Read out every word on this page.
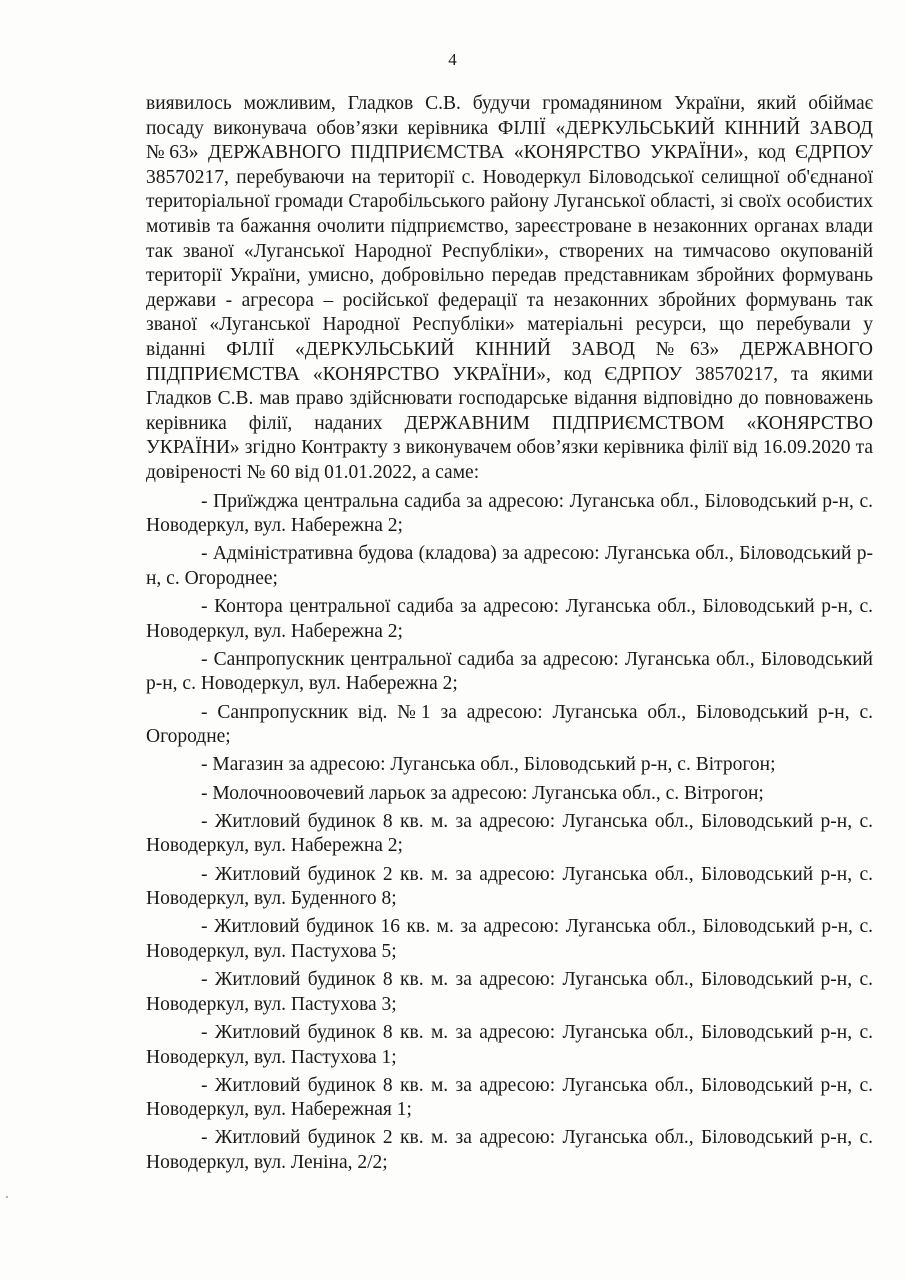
4

виявилось можливим, Гладков С.В. будучи громадянином України, який обіймає посаду виконувача обов’язки керівника ФІЛІЇ «ДЕРКУЛЬСЬКИЙ КІННИЙ ЗАВОД №63» ДЕРЖАВНОГО ПІДПРИЄМСТВА «КОНЯРСТВО УКРАЇНИ», код ЄДРПОУ 38570217, перебуваючи на території с. Новодеркул Біловодської селищної об'єднаної територіальної громади Старобільського району Луганської області, зі своїх особистих мотивів та бажання очолити підприємство, зареєстроване в незаконних органах влади так званої «Луганської Народної Республіки», створених на тимчасово окупованій території України, умисно, добровільно передав представникам збройних формувань держави - агресора – російської федерації та незаконних збройних формувань так званої «Луганської Народної Республіки» матеріальні ресурси, що перебували у віданні ФІЛІЇ «ДЕРКУЛЬСЬКИЙ КІННИЙ ЗАВОД №63» ДЕРЖАВНОГО ПІДПРИЄМСТВА «КОНЯРСТВО УКРАЇНИ», код ЄДРПОУ 38570217, та якими Гладков С.В. мав право здійснювати господарське відання відповідно до повноважень керівника філії, наданих ДЕРЖАВНИМ ПІДПРИЄМСТВОМ «КОНЯРСТВО УКРАЇНИ» згідно Контракту з виконувачем обов’язки керівника філії від 16.09.2020 та довіреності № 60 від 01.01.2022, а саме:

- Приїжджа центральна садиба за адресою: Луганська обл., Біловодський р-н, с. Новодеркул, вул. Набережна 2;

- Адміністративна будова (кладова) за адресою: Луганська обл., Біловодський р-н, с. Огороднее;

- Контора центральної садиба за адресою: Луганська обл., Біловодський р-н, с. Новодеркул, вул. Набережна 2;

- Санпропускник центральної садиба за адресою: Луганська обл., Біловодський р-н, с. Новодеркул, вул. Набережна 2;

- Санпропускник від. №1 за адресою: Луганська обл., Біловодський р-н, с. Огородне;

- Магазин за адресою: Луганська обл., Біловодський р-н, с. Вітрогон;

- Молочноовочевий ларьок за адресою: Луганська обл., с. Вітрогон;

- Житловий будинок 8 кв. м. за адресою: Луганська обл., Біловодський р-н, с. Новодеркул, вул. Набережна 2;

- Житловий будинок 2 кв. м. за адресою: Луганська обл., Біловодський р-н, с. Новодеркул, вул. Буденного 8;

- Житловий будинок 16 кв. м. за адресою: Луганська обл., Біловодський р-н, с. Новодеркул, вул. Пастухова 5;

- Житловий будинок 8 кв. м. за адресою: Луганська обл., Біловодський р-н, с. Новодеркул, вул. Пастухова 3;

- Житловий будинок 8 кв. м. за адресою: Луганська обл., Біловодський р-н, с. Новодеркул, вул. Пастухова 1;

- Житловий будинок 8 кв. м. за адресою: Луганська обл., Біловодський р-н, с. Новодеркул, вул. Набережная 1;

- Житловий будинок 2 кв. м. за адресою: Луганська обл., Біловодський р-н, с. Новодеркул, вул. Леніна, 2/2;
